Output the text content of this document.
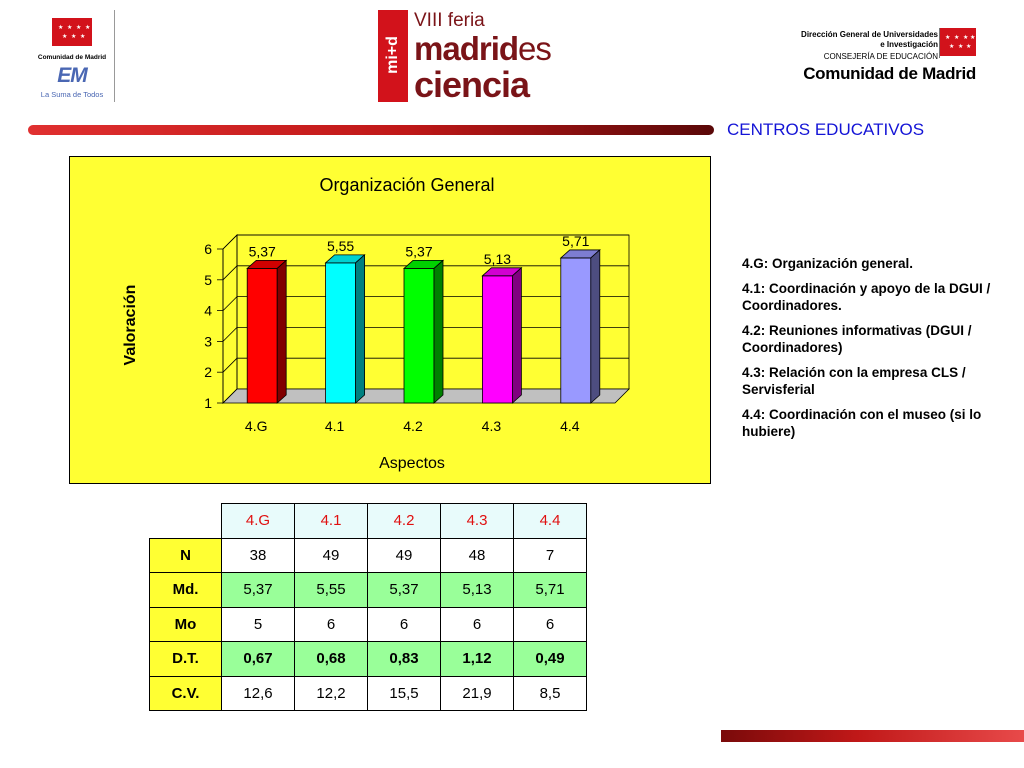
★ ★ ★ ★
★ ★ ★
Comunidad de Madrid
EM
La Suma de Todos
mi+d
VIII feria
madrides
ciencia
Dirección General de Universidades
e Investigación
CONSEJERÍA DE EDUCACIÓN
★ ★ ★ ★
★ ★ ★
Comunidad de Madrid
CENTROS EDUCATIVOS
1
2
3
4
5
6	5,37
4.G
5,55
4.1
5,37
4.2
5,13
4.3
5,71
4.4
Organización General
Aspectos
Valoración

4.G: Organización general.

4.1: Coordinación y apoyo de la DGUI / Coordinadores.

4.2: Reuniones informativas (DGUI / Coordinadores)

4.3: Relación con la empresa CLS / Servisferial

4.4: Coordinación con el museo (si lo hubiere)

	4.G	4.1	4.2	4.3	4.4
N	38	49	49	48	7
Md.	5,37	5,55	5,37	5,13	5,71
Mo	5	6	6	6	6
D.T.	0,67	0,68	0,83	1,12	0,49
C.V.	12,6	12,2	15,5	21,9	8,5
